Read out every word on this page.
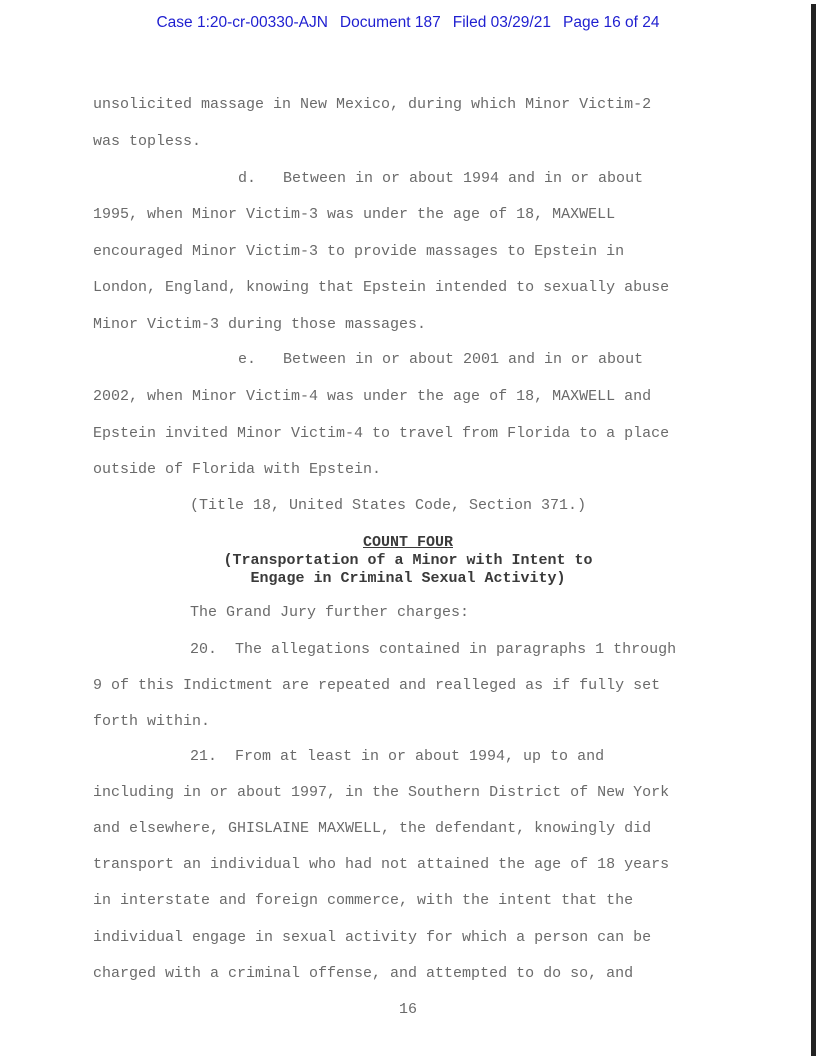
Case 1:20-cr-00330-AJN Document 187 Filed 03/29/21 Page 16 of 24

unsolicited massage in New Mexico, during which Minor Victim-2

was topless.

d.   Between in or about 1994 and in or about

1995, when Minor Victim-3 was under the age of 18, MAXWELL

encouraged Minor Victim-3 to provide massages to Epstein in

London, England, knowing that Epstein intended to sexually abuse

Minor Victim-3 during those massages.

e.   Between in or about 2001 and in or about

2002, when Minor Victim-4 was under the age of 18, MAXWELL and

Epstein invited Minor Victim-4 to travel from Florida to a place

outside of Florida with Epstein.

(Title 18, United States Code, Section 371.)

COUNT FOUR

(Transportation of a Minor with Intent to

Engage in Criminal Sexual Activity)

The Grand Jury further charges:

20.  The allegations contained in paragraphs 1 through

9 of this Indictment are repeated and realleged as if fully set

forth within.

21.  From at least in or about 1994, up to and

including in or about 1997, in the Southern District of New York

and elsewhere, GHISLAINE MAXWELL, the defendant, knowingly did

transport an individual who had not attained the age of 18 years

in interstate and foreign commerce, with the intent that the

individual engage in sexual activity for which a person can be

charged with a criminal offense, and attempted to do so, and

16
